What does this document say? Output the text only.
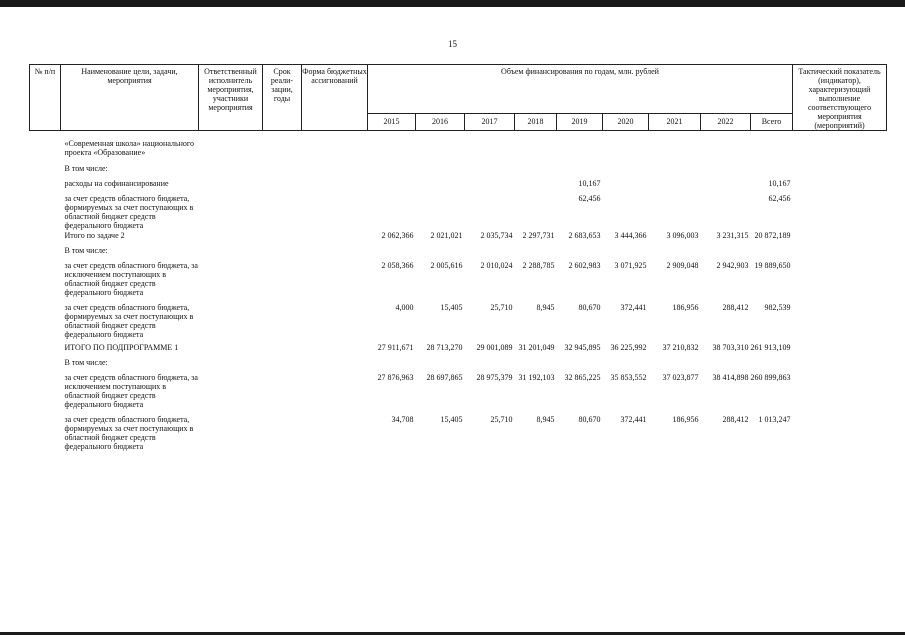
15
№ п/п	Наименование цели, задачи, мероприятия	Ответственный исполнитель мероприятия, участники мероприятия	Срок реали-зации, годы	Форма бюджетных ассигнований	Объем финансирования по годам, млн. рублей									Тактический показатель (индикатор), характеризующий выполнение соответствующего мероприятия (мероприятий)
					2015	2016	2017	2018	2019	2020	2021	2022	Всего	
	«Современная школа» национального проекта «Образование»													
	В том числе:													
	расходы на софинансирование								10,167				10,167	
	за счет средств областного бюджета, формируемых за счет поступающих в областной бюджет средств федерального бюджета								62,456				62,456	
	Итого по задаче 2				2 062,366	2 021,021	2 035,734	2 297,731	2 683,653	3 444,366	3 096,003	3 231,315	20 872,189	
	В том числе:													
	за счет средств областного бюджета, за исключением поступающих в областной бюджет средств федерального бюджета				2 058,366	2 005,616	2 010,024	2 288,785	2 602,983	3 071,925	2 909,048	2 942,903	19 889,650	
	за счет средств областного бюджета, формируемых за счет поступающих в областной бюджет средств федерального бюджета				4,000	15,405	25,710	8,945	80,670	372,441	186,956	288,412	982,539	
	ИТОГО ПО ПОДПРОГРАММЕ 1				27 911,671	28 713,270	29 001,089	31 201,049	32 945,895	36 225,992	37 210,832	38 703,310	261 913,109	
	В том числе:													
	за счет средств областного бюджета, за исключением поступающих в областной бюджет средств федерального бюджета				27 876,963	28 697,865	28 975,379	31 192,103	32 865,225	35 853,552	37 023,877	38 414,898	260 899,863	
	за счет средств областного бюджета, формируемых за счет поступающих в областной бюджет средств федерального бюджета				34,708	15,405	25,710	8,945	80,670	372,441	186,956	288,412	1 013,247	
